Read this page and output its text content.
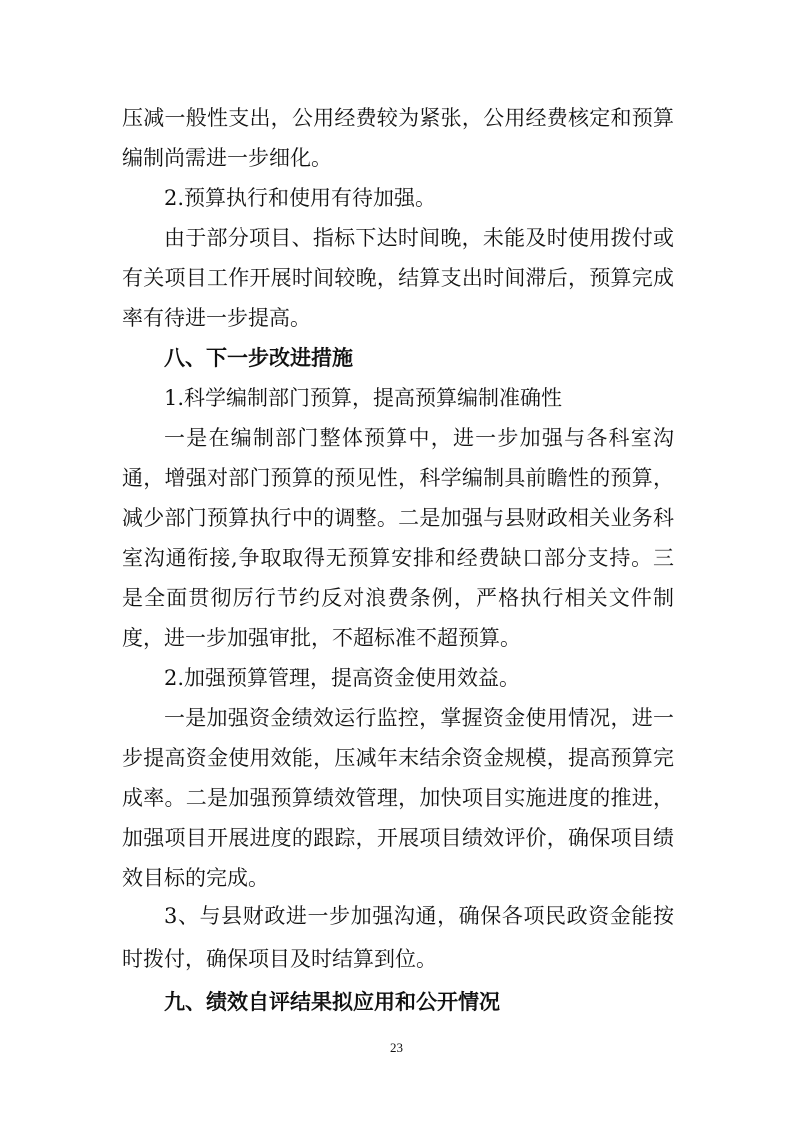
压减一般性支出，公用经费较为紧张，公用经费核定和预算
编制尚需进一步细化。
2.预算执行和使用有待加强。
由于部分项目、指标下达时间晚，未能及时使用拨付或
有关项目工作开展时间较晚，结算支出时间滞后，预算完成
率有待进一步提高。
八、下一步改进措施
1.科学编制部门预算，提高预算编制准确性
一是在编制部门整体预算中，进一步加强与各科室沟
通，增强对部门预算的预见性，科学编制具前瞻性的预算，
减少部门预算执行中的调整。二是加强与县财政相关业务科
室沟通衔接,争取取得无预算安排和经费缺口部分支持。三
是全面贯彻厉行节约反对浪费条例，严格执行相关文件制
度，进一步加强审批，不超标准不超预算。
2.加强预算管理，提高资金使用效益。
一是加强资金绩效运行监控，掌握资金使用情况，进一
步提高资金使用效能，压减年末结余资金规模，提高预算完
成率。二是加强预算绩效管理，加快项目实施进度的推进，
加强项目开展进度的跟踪，开展项目绩效评价，确保项目绩
效目标的完成。
3、与县财政进一步加强沟通，确保各项民政资金能按
时拨付，确保项目及时结算到位。
九、绩效自评结果拟应用和公开情况
23
